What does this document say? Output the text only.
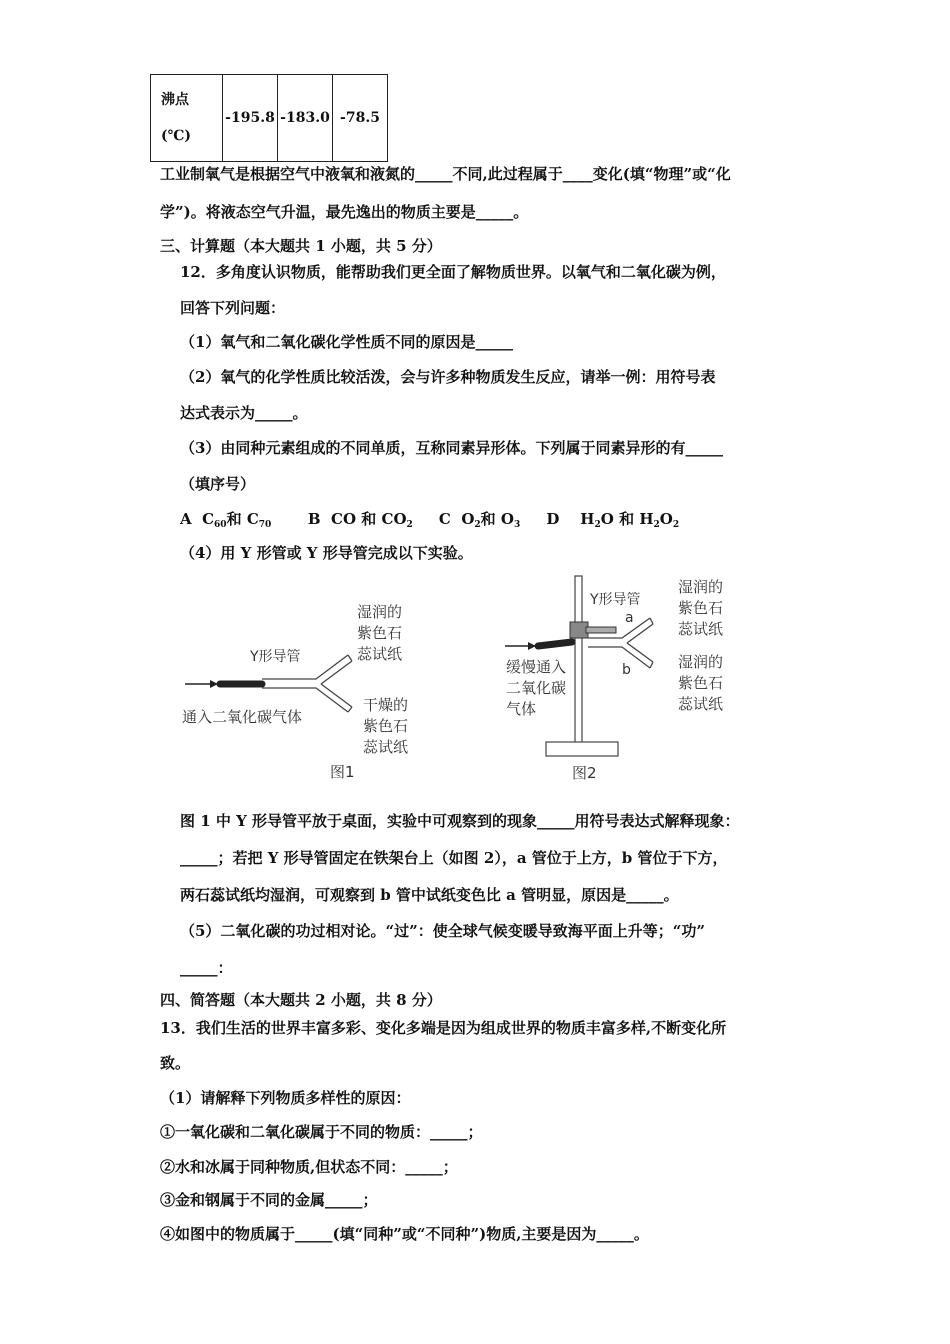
沸点
(℃)	-195.8	-183.0	-78.5
工业制氧气是根据空气中液氧和液氮的_____不同,此过程属于____变化(填“物理”或“化
学”)。将液态空气升温，最先逸出的物质主要是_____。
三、计算题（本大题共 1 小题，共 5 分）
12．多角度认识物质，能帮助我们更全面了解物质世界。以氧气和二氧化碳为例，
回答下列问题：
（1）氧气和二氧化碳化学性质不同的原因是_____
（2）氧气的化学性质比较活泼，会与许多种物质发生反应，请举一例：用符号表
达式表示为_____。
（3）由同种元素组成的不同单质，互称同素异形体。下列属于同素异形的有_____
（填序号）
A $C_{60}$和 $C_{70}$ B CO 和 $CO_2$ C $O_2$和 $O_3$ D $H_2O$ 和 $H_2O_2$
（4）用 Y 形管或 Y 形导管完成以下实验。
湿润的
紫色石
蕊试纸
Y形导管
通入二氧化碳气体
干燥的
紫色石
蕊试纸
图1
Y形导管
a
b
湿润的
紫色石
蕊试纸
湿润的
紫色石
蕊试纸
缓慢通入
二氧化碳
气体
图2
图 1 中 Y 形导管平放于桌面，实验中可观察到的现象_____用符号表达式解释现象：
_____；若把 Y 形导管固定在铁架台上（如图 2），a 管位于上方，b 管位于下方，
两石蕊试纸均湿润，可观察到 b 管中试纸变色比 a 管明显，原因是_____。
（5）二氧化碳的功过相对论。“过”：使全球气候变暖导致海平面上升等；“功”
_____：
四、简答题（本大题共 2 小题，共 8 分）
13．我们生活的世界丰富多彩、变化多端是因为组成世界的物质丰富多样,不断变化所
致。
（1）请解释下列物质多样性的原因：
①一氧化碳和二氧化碳属于不同的物质：_____；
②水和冰属于同种物质,但状态不同：_____；
③金和钢属于不同的金属_____；
④如图中的物质属于_____(填“同种”或“不同种”)物质,主要是因为_____。
